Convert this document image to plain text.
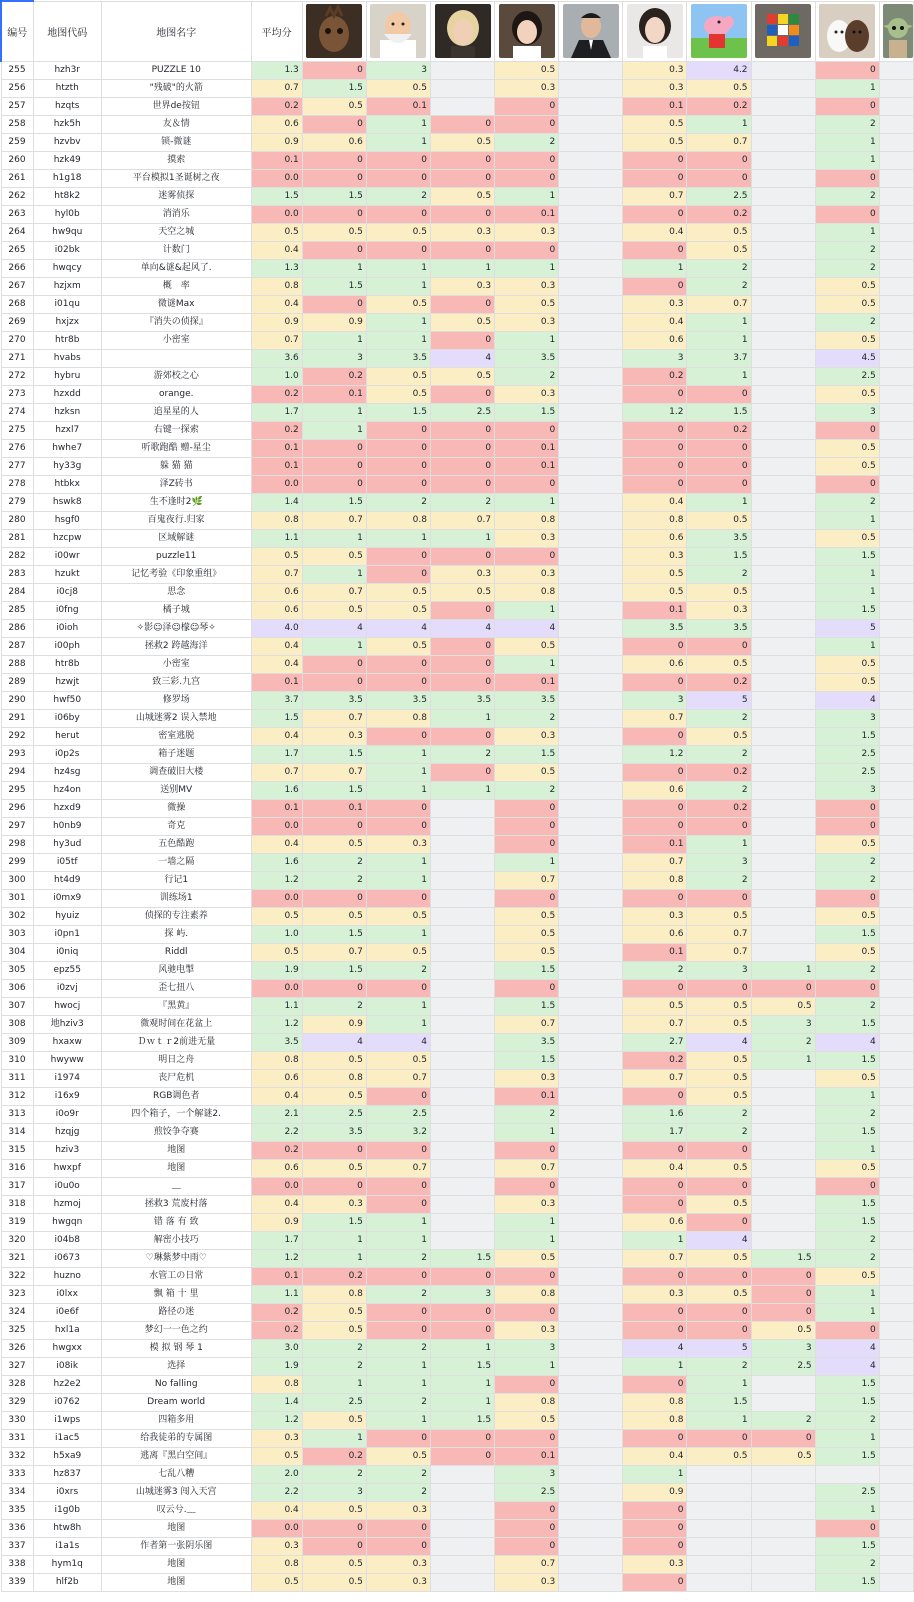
编号	地图代码	地图名字	平均分	

255	hzh3r	PUZZLE 10	1.3	0	3		0.5		0.3	4.2		0	
256	htzth	"残破"的火箭	0.7	1.5	0.5		0.3		0.3	0.5		1	
257	hzqts	世界de按钮	0.2	0.5	0.1		0		0.1	0.2		0	
258	hzk5h	友＆情	0.6	0	1	0	0		0.5	1		2	
259	hzvbv	锁-微谜	0.9	0.6	1	0.5	2		0.5	0.7		1	
260	hzk49	摸索	0.1	0	0	0	0		0	0		1	
261	h1g18	平台模拟1圣诞树之夜	0.0	0	0	0	0		0	0		0	
262	ht8k2	迷雾侦探	1.5	1.5	2	0.5	1		0.7	2.5		2	
263	hyl0b	消消乐	0.0	0	0	0	0.1		0	0.2		0	
264	hw9qu	天空之城	0.5	0.5	0.5	0.3	0.3		0.4	0.5		1	
265	i02bk	计数门	0.4	0	0	0	0		0	0.5		2	
266	hwqcy	单向&谜&起风了.	1.3	1	1	1	1		1	2		2	
267	hzjxm	概　率	0.8	1.5	1	0.3	0.3		0	2		0.5	
268	i01qu	微谜Max	0.4	0	0.5	0	0.5		0.3	0.7		0.5	
269	hxjzx	『消失の侦探』	0.9	0.9	1	0.5	0.3		0.4	1		2	
270	htr8b	小密室	0.7	1	1	0	1		0.6	1		0.5	
271	hvabs		3.6	3	3.5	4	3.5		3	3.7		4.5	
272	hybru	游郊校之心	1.0	0.2	0.5	0.5	2		0.2	1		2.5	
273	hzxdd	orange.	0.2	0.1	0.5	0	0.3		0	0		0.5	
274	hzksn	追星星的人	1.7	1	1.5	2.5	1.5		1.2	1.5		3	
275	hzxl7	右键一探索	0.2	1	0	0	0		0	0.2		0	
276	hwhe7	听歌跑酷 赠-星尘	0.1	0	0	0	0.1		0	0		0.5	
277	hy33g	躲 猫 猫	0.1	0	0	0	0.1		0	0		0.5	
278	htbkx	泽Z砖书	0.0	0	0	0	0		0	0		0	
279	hswk8	生不逢时2🌿	1.4	1.5	2	2	1		0.4	1		2	
280	hsgf0	百鬼夜行.归家	0.8	0.7	0.8	0.7	0.8		0.8	0.5		1	
281	hzcpw	区域解谜	1.1	1	1	1	0.3		0.6	3.5		0.5	
282	i00wr	puzzle11	0.5	0.5	0	0	0		0.3	1.5		1.5	
283	hzukt	记忆考验《印象重组》	0.7	1	0	0.3	0.3		0.5	2		1	
284	i0cj8	思念	0.6	0.7	0.5	0.5	0.8		0.5	0.5		1	
285	i0fng	橘子城	0.6	0.5	0.5	0	1		0.1	0.3		1.5	
286	i0ioh	✧影☺泽☺檬☺琴✧	4.0	4	4	4	4		3.5	3.5		5	
287	i00ph	拯救2 跨越海洋	0.4	1	0.5	0	0.5		0	0		1	
288	htr8b	小密室	0.4	0	0	0	1		0.6	0.5		0.5	
289	hzwjt	致三彩.九宫	0.1	0	0	0	0.1		0	0.2		0.5	
290	hwf50	修罗场	3.7	3.5	3.5	3.5	3.5		3	5		4	
291	i06by	山城迷雾2 误入禁地	1.5	0.7	0.8	1	2		0.7	2		3	
292	herut	密室逃脱	0.4	0.3	0	0	0.3		0	0.5		1.5	
293	i0p2s	箱子迷题	1.7	1.5	1	2	1.5		1.2	2		2.5	
294	hz4sg	调查破旧大楼	0.7	0.7	1	0	0.5		0	0.2		2.5	
295	hz4on	送别MV	1.6	1.5	1	1	2		0.6	2		3	
296	hzxd9	微操	0.1	0.1	0		0		0	0.2		0	
297	h0nb9	奇克	0.0	0	0		0		0	0		0	
298	hy3ud	五色酷跑	0.4	0.5	0.3		0		0.1	1		0.5	
299	i05tf	一墙之隔	1.6	2	1		1		0.7	3		2	
300	ht4d9	行记1	1.2	2	1		0.7		0.8	2		2	
301	i0mx9	训练场1	0.0	0	0		0		0	0		0	
302	hyuiz	侦探的专注素养	0.5	0.5	0.5		0.5		0.3	0.5		0.5	
303	i0pn1	探 屿.	1.0	1.5	1		0.5		0.6	0.7		1.5	
304	i0niq	Riddl	0.5	0.7	0.5		0.5		0.1	0.7		0.5	
305	epz55	风驰电掣	1.9	1.5	2		1.5		2	3	1	2	
306	i0zvj	歪七扭八	0.0	0	0		0		0	0	0	0	
307	hwocj	『黑黄』	1.1	2	1		1.5		0.5	0.5	0.5	2	
308	地hziv3	微观时间在花盆上	1.2	0.9	1		0.7		0.7	0.5	3	1.5	
309	hxaxw	Ｄｗｔｒ2前进无量	3.5	4	4		3.5		2.7	4	2	4	
310	hwyww	明日之舟	0.8	0.5	0.5		1.5		0.2	0.5	1	1.5	
311	i1974	丧尸危机	0.6	0.8	0.7		0.3		0.7	0.5		0.5	
312	i16x9	RGB调色者	0.4	0.5	0		0.1		0	0.5		1	
313	i0o9r	四个箱子，一个解谜2.	2.1	2.5	2.5		2		1.6	2		2	
314	hzqjg	煎饺争夺赛	2.2	3.5	3.2		1		1.7	2		1.5	
315	hziv3	地图	0.2	0	0		0		0	0		1	
316	hwxpf	地图	0.6	0.5	0.7		0.7		0.4	0.5		0.5	
317	i0u0o	﹏	0.0	0	0		0		0	0		0	
318	hzmoj	拯救3 荒废村落	0.4	0.3	0		0.3		0	0.5		1.5	
319	hwgqn	错 落 有 致	0.9	1.5	1		1		0.6	0		1.5	
320	i04b8	解密小技巧	1.7	1	1		1		1	4		2	
321	i0673	♡琳紫梦中雨♡	1.2	1	2	1.5	0.5		0.7	0.5	1.5	2	
322	huzno	水管工の日常	0.1	0.2	0	0	0		0	0	0	0.5	
323	i0lxx	飘 箱 十 里	1.1	0.8	2	3	0.8		0.3	0.5	0	1	
324	i0e6f	路径の迷	0.2	0.5	0	0	0		0	0	0	1	
325	hxl1a	梦幻一一色之约	0.2	0.5	0	0	0.3		0	0	0.5	0	
326	hwgxx	模 拟 钢 琴 1	3.0	2	2	1	3		4	5	3	4	
327	i08ik	选择	1.9	2	1	1.5	1		1	2	2.5	4	
328	hz2e2	No falling	0.8	1	1	1	0		0	1		1.5	
329	i0762	Dream world	1.4	2.5	2	1	0.8		0.8	1.5		1.5	
330	i1wps	四箱多用	1.2	0.5	1	1.5	0.5		0.8	1	2	2	
331	i1ac5	给我徒弟的专属图	0.3	1	0	0	0		0	0	0	1	
332	h5xa9	逃离『黑白空间』	0.5	0.2	0.5	0	0.1		0.4	0.5	0.5	1.5	
333	hz837	七乱八糟	2.0	2	2		3		1				
334	i0xrs	山城迷雾3 闯入天宫	2.2	3	2		2.5		0.9			2.5	
335	i1g0b	叹云兮.﹏	0.4	0.5	0.3		0		0			1	
336	htw8h	地图	0.0	0	0		0		0			0	
337	i1a1s	作者第一张阴乐图	0.3	0	0		0		0			1.5	
338	hym1q	地图	0.8	0.5	0.3		0.7		0.3			2	
339	hlf2b	地图	0.5	0.5	0.3		0.3		0			1.5	
